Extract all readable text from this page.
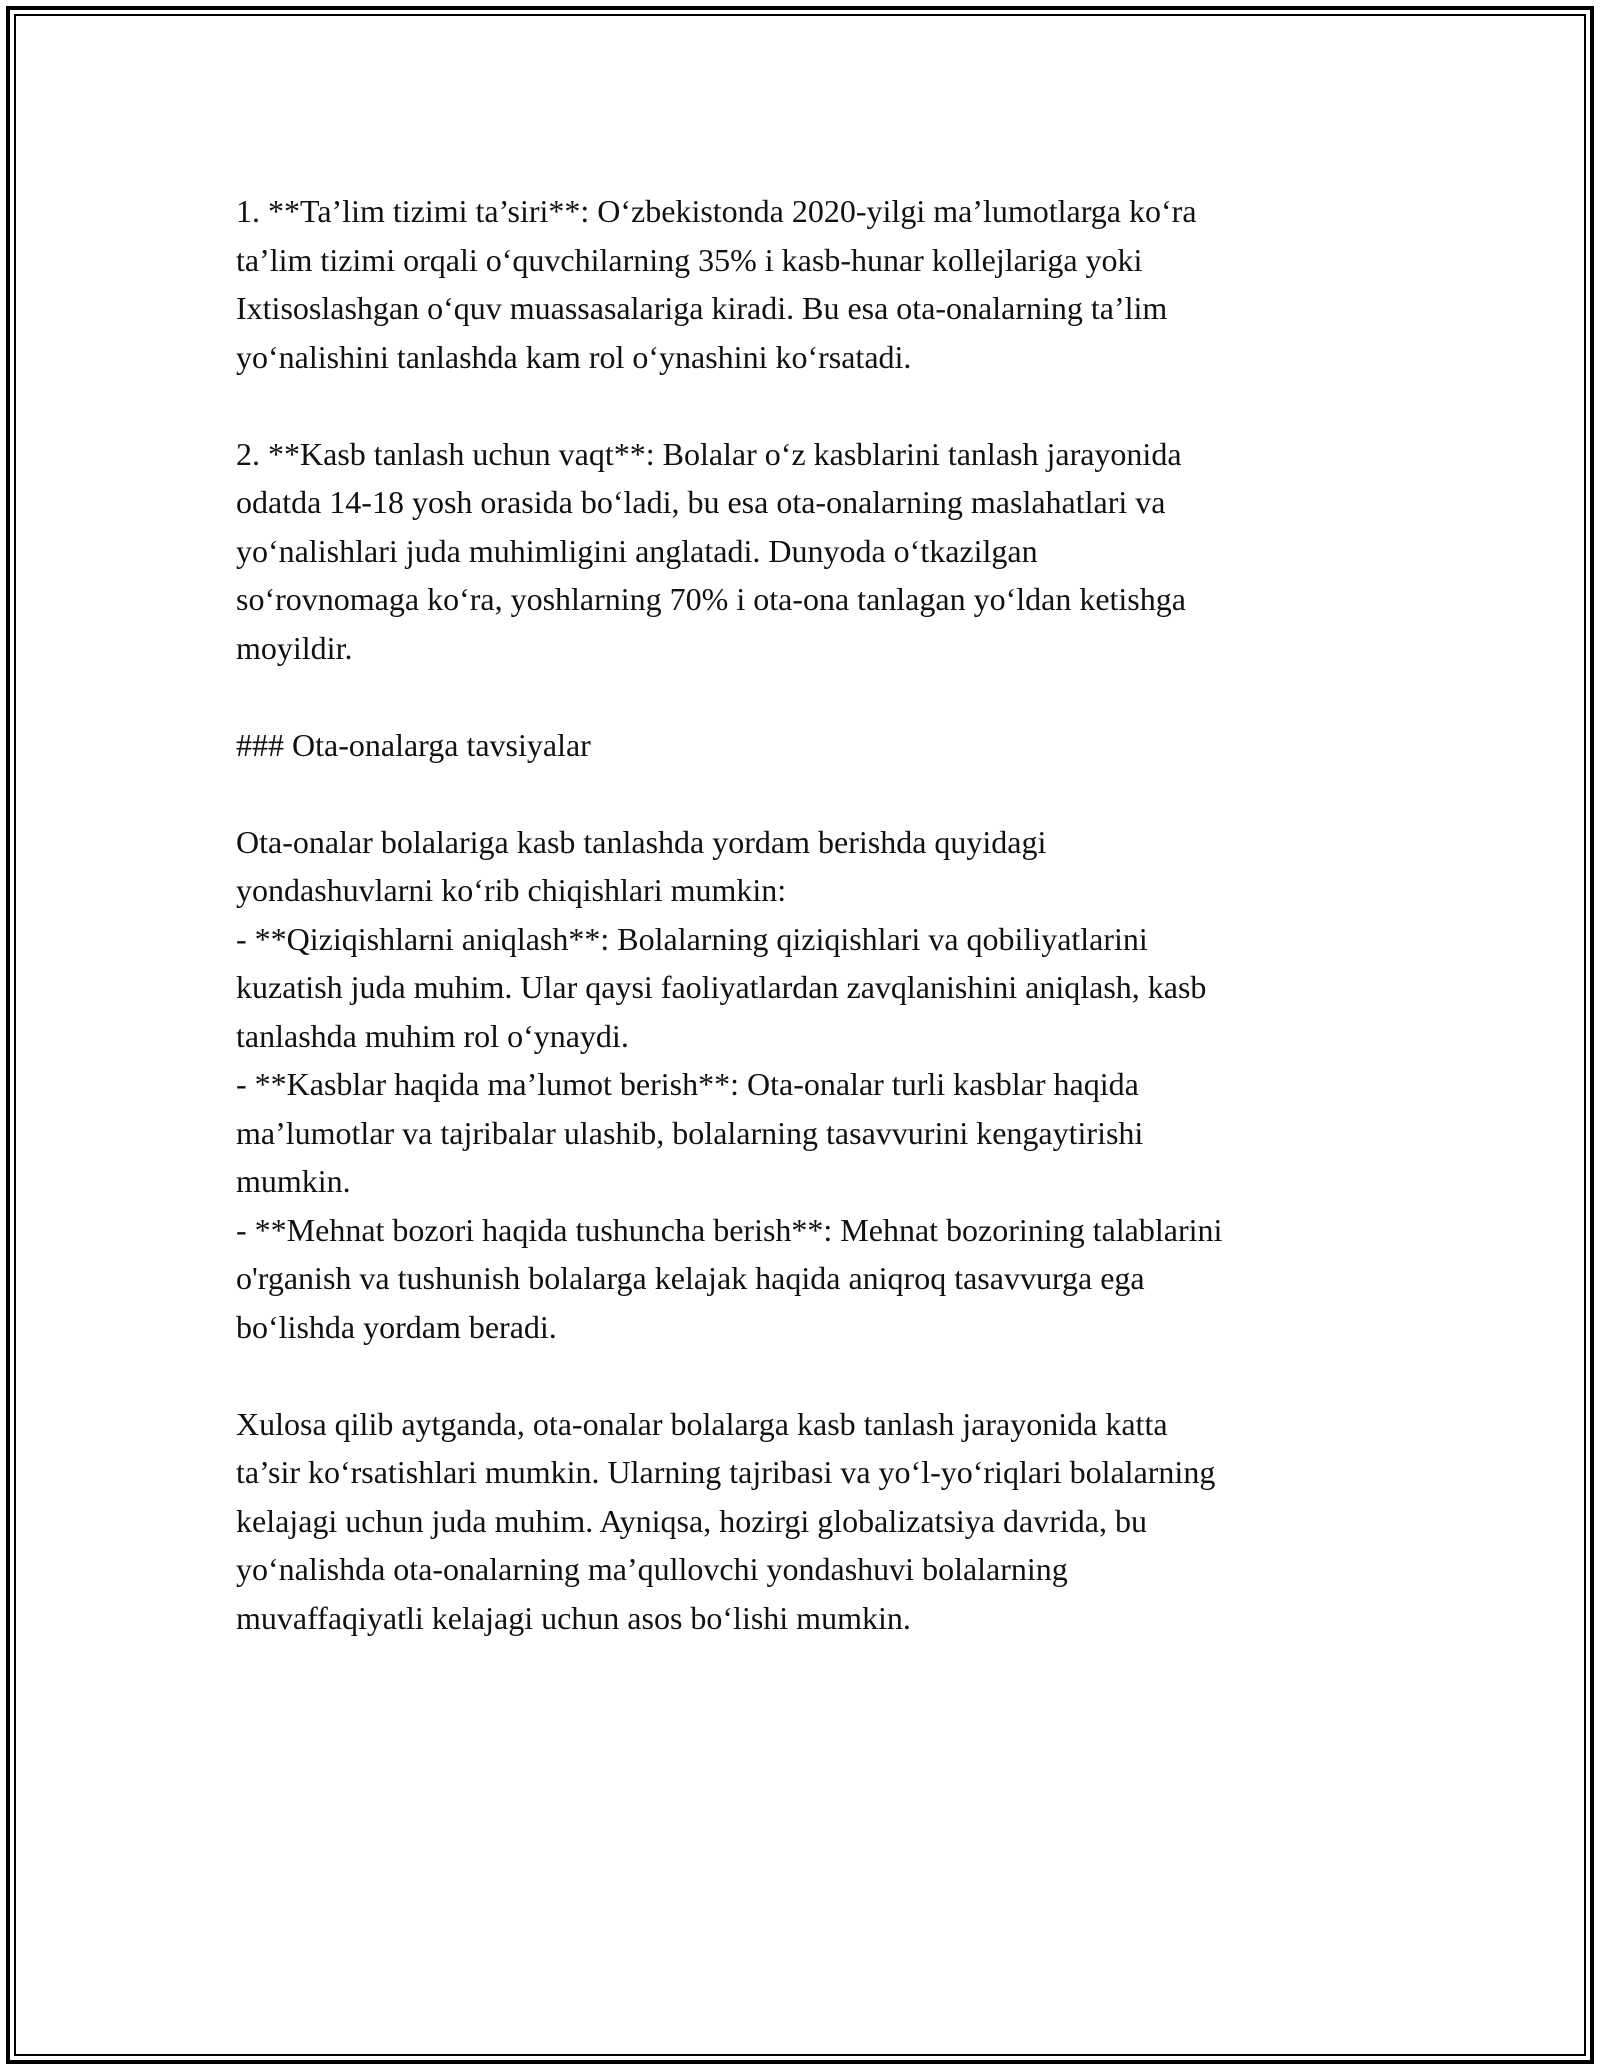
1. **Ta’lim tizimi ta’siri**: O‘zbekistonda 2020-yilgi ma’lumotlarga ko‘ra
ta’lim tizimi orqali o‘quvchilarning 35% i kasb-hunar kollejlariga yoki
Ixtisoslashgan o‘quv muassasalariga kiradi. Bu esa ota-onalarning ta’lim
yo‘nalishini tanlashda kam rol o‘ynashini ko‘rsatadi.
2. **Kasb tanlash uchun vaqt**: Bolalar o‘z kasblarini tanlash jarayonida
odatda 14-18 yosh orasida bo‘ladi, bu esa ota-onalarning maslahatlari va
yo‘nalishlari juda muhimligini anglatadi. Dunyoda o‘tkazilgan
so‘rovnomaga ko‘ra, yoshlarning 70% i ota-ona tanlagan yo‘ldan ketishga
moyildir.
### Ota-onalarga tavsiyalar
Ota-onalar bolalariga kasb tanlashda yordam berishda quyidagi
yondashuvlarni ko‘rib chiqishlari mumkin:
- **Qiziqishlarni aniqlash**: Bolalarning qiziqishlari va qobiliyatlarini
kuzatish juda muhim. Ular qaysi faoliyatlardan zavqlanishini aniqlash, kasb
tanlashda muhim rol o‘ynaydi.
- **Kasblar haqida ma’lumot berish**: Ota-onalar turli kasblar haqida
ma’lumotlar va tajribalar ulashib, bolalarning tasavvurini kengaytirishi
mumkin.
- **Mehnat bozori haqida tushuncha berish**: Mehnat bozorining talablarini
o'rganish va tushunish bolalarga kelajak haqida aniqroq tasavvurga ega
bo‘lishda yordam beradi.
Xulosa qilib aytganda, ota-onalar bolalarga kasb tanlash jarayonida katta
ta’sir ko‘rsatishlari mumkin. Ularning tajribasi va yo‘l-yo‘riqlari bolalarning
kelajagi uchun juda muhim. Ayniqsa, hozirgi globalizatsiya davrida, bu
yo‘nalishda ota-onalarning ma’qullovchi yondashuvi bolalarning
muvaffaqiyatli kelajagi uchun asos bo‘lishi mumkin.
